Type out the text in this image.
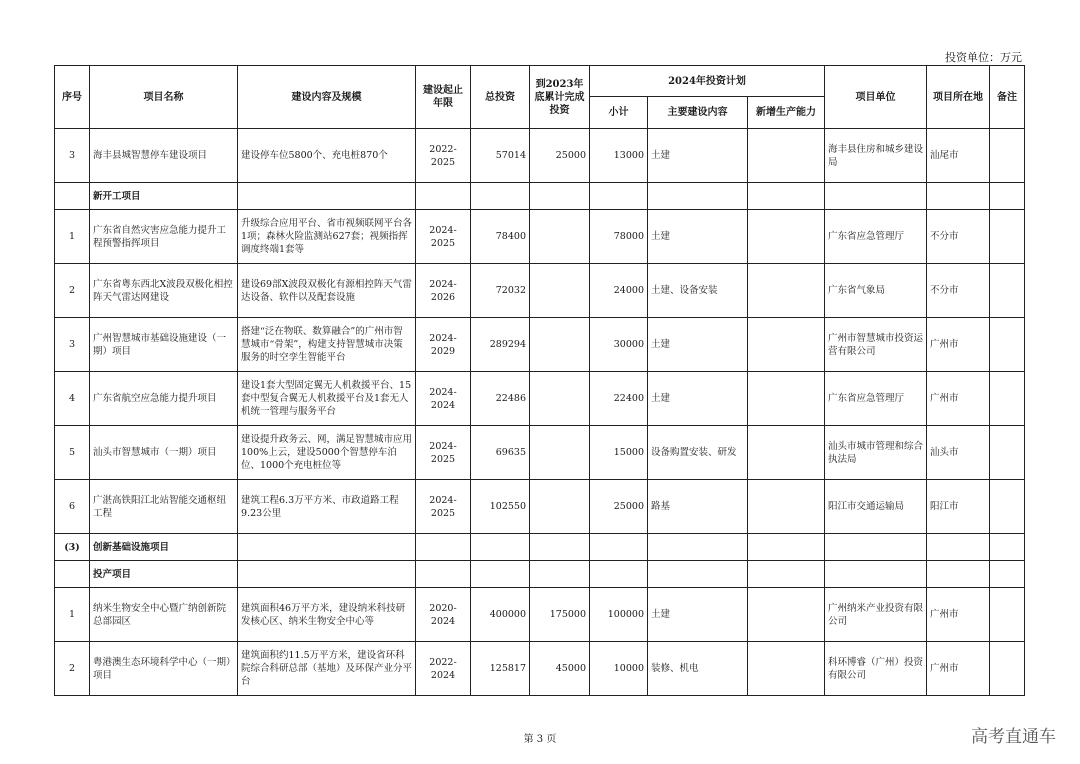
投资单位：万元
序号	项目名称	建设内容及规模	建设起止年限	总投资	到2023年底累计完成投资	2024年投资计划			项目单位	项目所在地	备注
						小计	主要建设内容	新增生产能力			
3	海丰县城智慧停车建设项目	建设停车位5800个、充电桩870个	2022-2025	57014	25000	13000	土建		海丰县住房和城乡建设局	汕尾市	
	新开工项目										
1	广东省自然灾害应急能力提升工程预警指挥项目	升级综合应用平台、省市视频联网平台各1项；森林火险监测站627套；视频指挥调度终端1套等	2024-2025	78400		78000	土建		广东省应急管理厅	不分市	
2	广东省粤东西北X波段双极化相控阵天气雷达网建设	建设69部X波段双极化有源相控阵天气雷达设备、软件以及配套设施	2024-2026	72032		24000	土建、设备安装		广东省气象局	不分市	
3	广州智慧城市基础设施建设（一期）项目	搭建“泛在物联、数算融合”的广州市智慧城市“骨架”，构建支持智慧城市决策服务的时空孪生智能平台	2024-2029	289294		30000	土建		广州市智慧城市投资运营有限公司	广州市	
4	广东省航空应急能力提升项目	建设1套大型固定翼无人机救援平台、15套中型复合翼无人机救援平台及1套无人机统一管理与服务平台	2024-2024	22486		22400	土建		广东省应急管理厅	广州市	
5	汕头市智慧城市（一期）项目	建设提升政务云、网，满足智慧城市应用100%上云，建设5000个智慧停车泊位、1000个充电桩位等	2024-2025	69635		15000	设备购置安装、研发		汕头市城市管理和综合执法局	汕头市	
6	广湛高铁阳江北站智能交通枢纽工程	建筑工程6.3万平方米、市政道路工程9.23公里	2024-2025	102550		25000	路基		阳江市交通运输局	阳江市	
(3)	创新基础设施项目										
	投产项目										
1	纳米生物安全中心暨广纳创新院总部园区	建筑面积46万平方米，建设纳米科技研发核心区、纳米生物安全中心等	2020-2024	400000	175000	100000	土建		广州纳米产业投资有限公司	广州市	
2	粤港澳生态环境科学中心（一期）项目	建筑面积约11.5万平方米，建设省环科院综合科研总部（基地）及环保产业分平台	2022-2024	125817	45000	10000	装修、机电		科环博睿（广州）投资有限公司	广州市	
第 3 页	高考直通车
